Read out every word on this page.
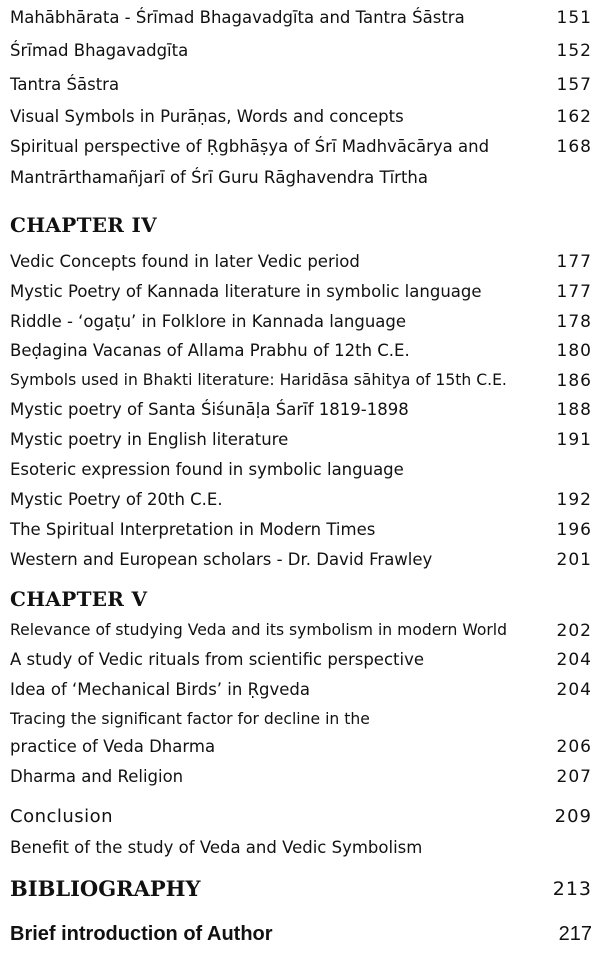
Mahābhārata - Śrīmad Bhagavadgīta and Tantra Śāstra	151
Śrīmad Bhagavadgīta	152
Tantra Śāstra	157
Visual Symbols in Purāṇas, Words and concepts	162
Spiritual perspective of Ṛgbhāṣya of Śrī Madhvācārya and	168
Mantrārthamañjarī of Śrī Guru Rāghavendra Tīrtha
CHAPTER IV
Vedic Concepts found in later Vedic period	177
Mystic Poetry of Kannada literature in symbolic language	177
Riddle - ‘ogaṭu’ in Folklore in Kannada language	178
Beḍagina Vacanas of Allama Prabhu of 12th C.E.	180
Symbols used in Bhakti literature: Haridāsa sāhitya of 15th C.E.	186
Mystic poetry of Santa Śiśunāḷa Śarīf 1819-1898	188
Mystic poetry in English literature	191
Esoteric expression found in symbolic language
Mystic Poetry of 20th C.E.	192
The Spiritual Interpretation in Modern Times	196
Western and European scholars - Dr. David Frawley	201
CHAPTER V
Relevance of studying Veda and its symbolism in modern World	202
A study of Vedic rituals from scientific perspective	204
Idea of ‘Mechanical Birds’ in Ṛgveda	204
Tracing the significant factor for decline in the
practice of Veda Dharma	206
Dharma and Religion	207
Conclusion	209
Benefit of the study of Veda and Vedic Symbolism
BIBLIOGRAPHY	213
Brief introduction of Author	217
